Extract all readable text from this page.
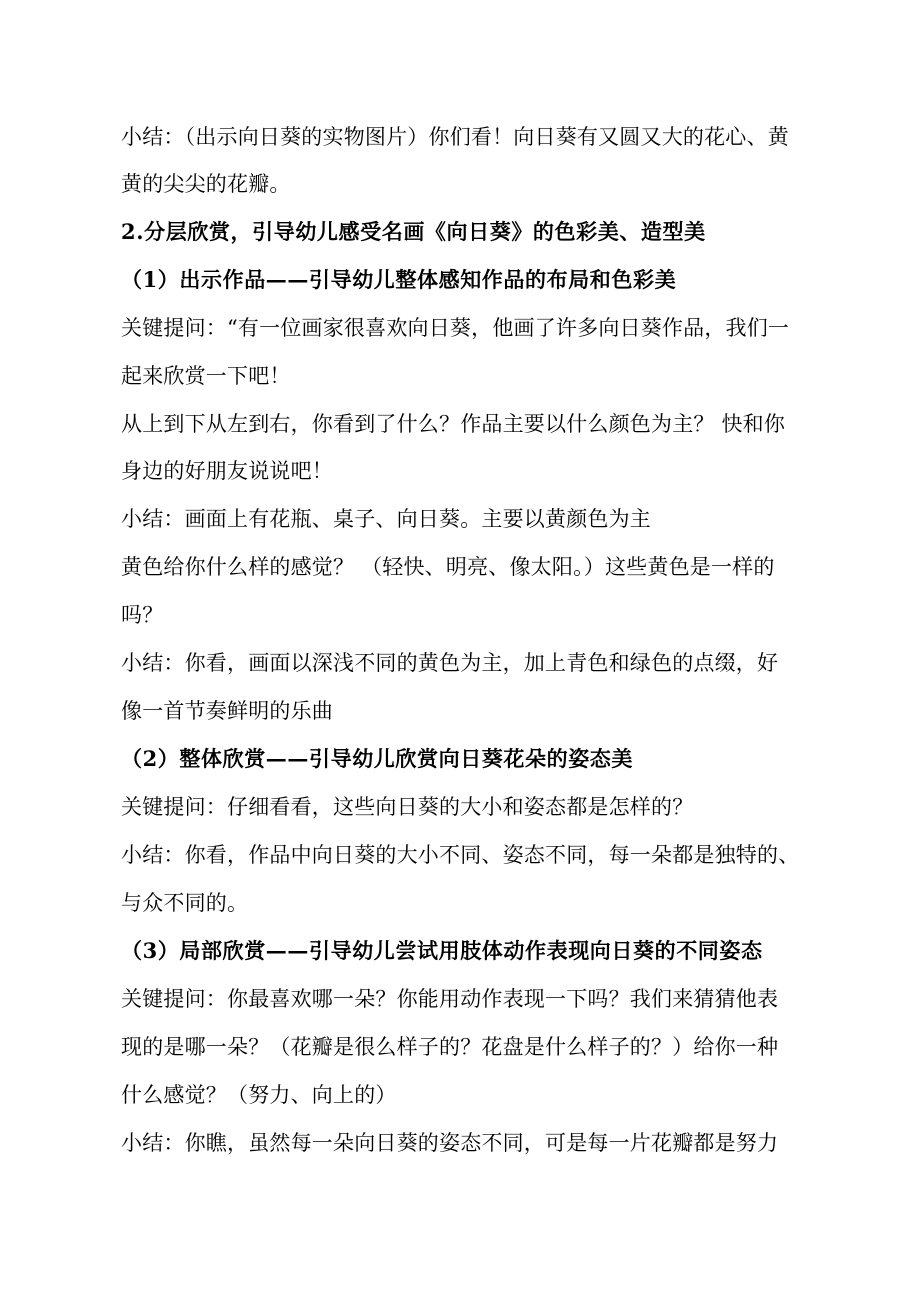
小结：（出示向日葵的实物图片）你们看！向日葵有又圆又大的花心、黄
黄的尖尖的花瓣。
2.分层欣赏，引导幼儿感受名画《向日葵》的色彩美、造型美
（1）出示作品——引导幼儿整体感知作品的布局和色彩美
关键提问：“有一位画家很喜欢向日葵，他画了许多向日葵作品，我们一
起来欣赏一下吧！
从上到下从左到右，你看到了什么？作品主要以什么颜色为主？ 快和你
身边的好朋友说说吧！
小结：画面上有花瓶、桌子、向日葵。主要以黄颜色为主
黄色给你什么样的感觉？ （轻快、明亮、像太阳。）这些黄色是一样的
吗？
小结：你看，画面以深浅不同的黄色为主，加上青色和绿色的点缀，好
像一首节奏鲜明的乐曲
（2）整体欣赏——引导幼儿欣赏向日葵花朵的姿态美
关键提问：仔细看看，这些向日葵的大小和姿态都是怎样的？
小结：你看，作品中向日葵的大小不同、姿态不同，每一朵都是独特的、
与众不同的。
（3）局部欣赏——引导幼儿尝试用肢体动作表现向日葵的不同姿态
关键提问：你最喜欢哪一朵？你能用动作表现一下吗？我们来猜猜他表
现的是哪一朵？（花瓣是很么样子的？花盘是什么样子的？）给你一种
什么感觉？（努力、向上的）
小结：你瞧，虽然每一朵向日葵的姿态不同，可是每一片花瓣都是努力
